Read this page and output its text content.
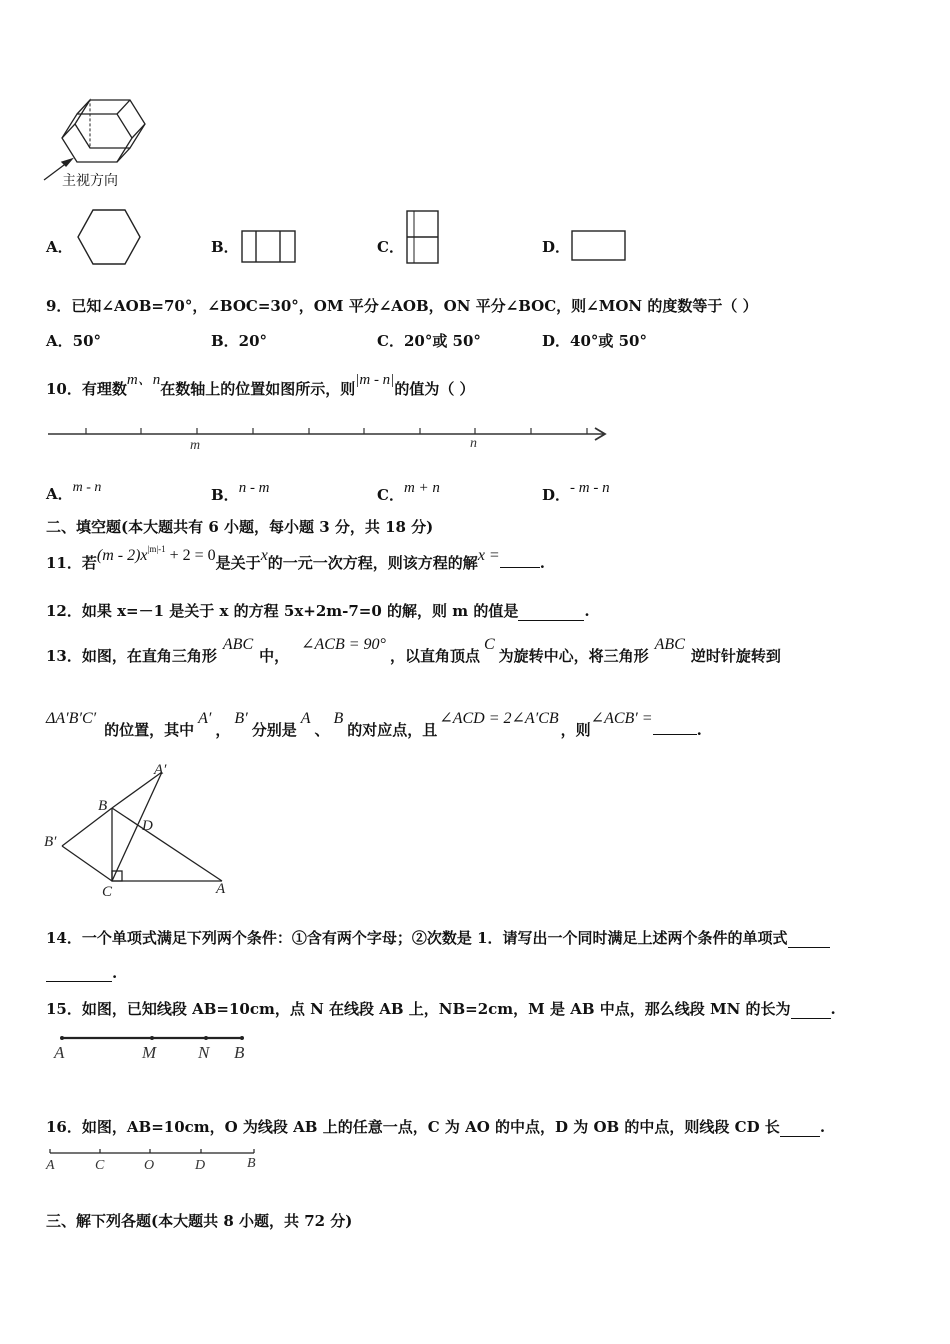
主视方向
A．	B．	C．	D．
9．已知∠AOB=70°，∠BOC=30°，OM 平分∠AOB，ON 平分∠BOC，则∠MON 的度数等于（ ）
A．50°	B．20°	C．20°或 50°	D．40°或 50°
10．有理数m、n在数轴上的位置如图所示，则|m - n|的值为（ ）
m	n
A．m - n	B．n - m	C．m + n	D．- m - n
二、填空题(本大题共有 6 小题，每小题 3 分，共 18 分)
11．若$(m - 2)x^{|m|-1} + 2 = 0$是关于x的一元一次方程，则该方程的解x =	.
12．如果 x=－1 是关于 x 的方程 5x+2m-7=0 的解，则 m 的值是	.
13．如图，在直角三角形ABC中，∠ACB = 90°，以直角顶点C为旋转中心，将三角形ABC逆时针旋转到
ΔA′B′C′的位置，其中A′，B′分别是A、B的对应点，且∠ACD = 2∠A′CB，则∠ACB′ =.
A′
B
D
B′
C	A
14．一个单项式满足下列两个条件：①含有两个字母；②次数是 1．请写出一个同时满足上述两个条件的单项式
.
15．如图，已知线段 AB=10cm，点 N 在线段 AB 上，NB=2cm，M 是 AB 中点，那么线段 MN 的长为	.
A	M N B
16．如图，AB=10cm，O 为线段 AB 上的任意一点，C 为 AO 的中点，D 为 OB 的中点，则线段 CD 长	.
A	C	O	D	B
三、解下列各题(本大题共 8 小题，共 72 分)
